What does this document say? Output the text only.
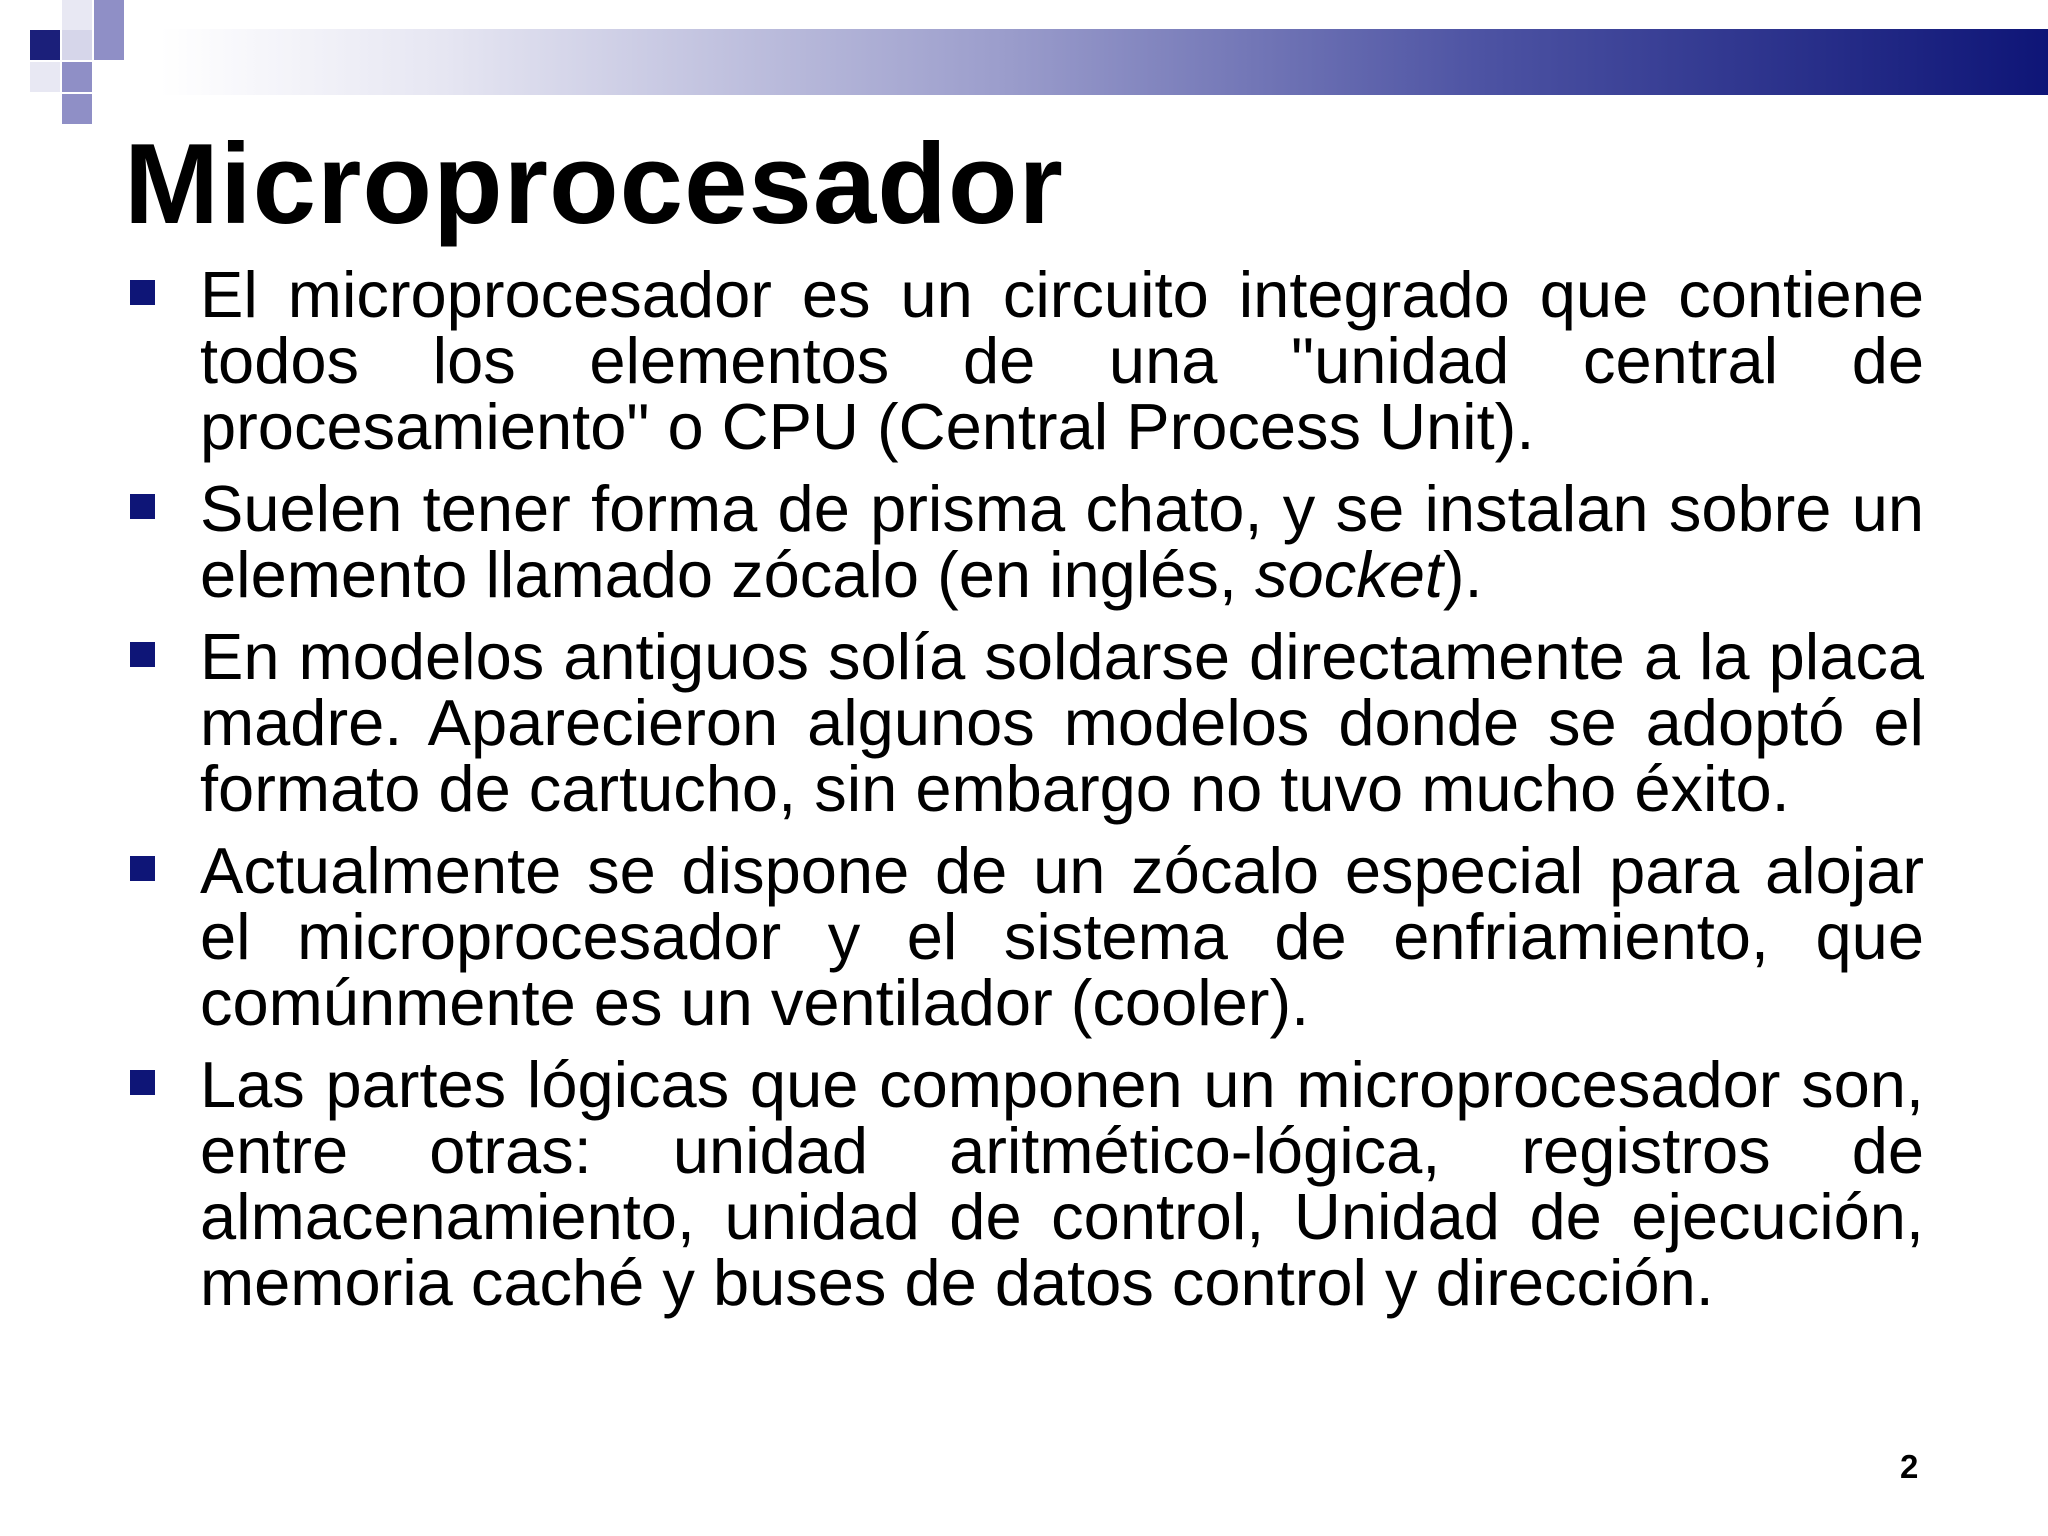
Microprocesador
El microprocesador es un circuito integrado que contiene todos los elementos de una "unidad central de procesamiento" o CPU (Central Process Unit).
Suelen tener forma de prisma chato, y se instalan sobre un elemento llamado zócalo (en inglés, socket).
En modelos antiguos solía soldarse directamente a la placa madre. Aparecieron algunos modelos donde se adoptó el formato de cartucho, sin embargo no tuvo mucho éxito.
Actualmente se dispone de un zócalo especial para alojar el microprocesador y el sistema de enfriamiento, que comúnmente es un ventilador (cooler).
Las partes lógicas que componen un microprocesador son, entre otras: unidad aritmético-lógica, registros de almacenamiento, unidad de control, Unidad de ejecución, memoria caché y buses de datos control y dirección.
2
